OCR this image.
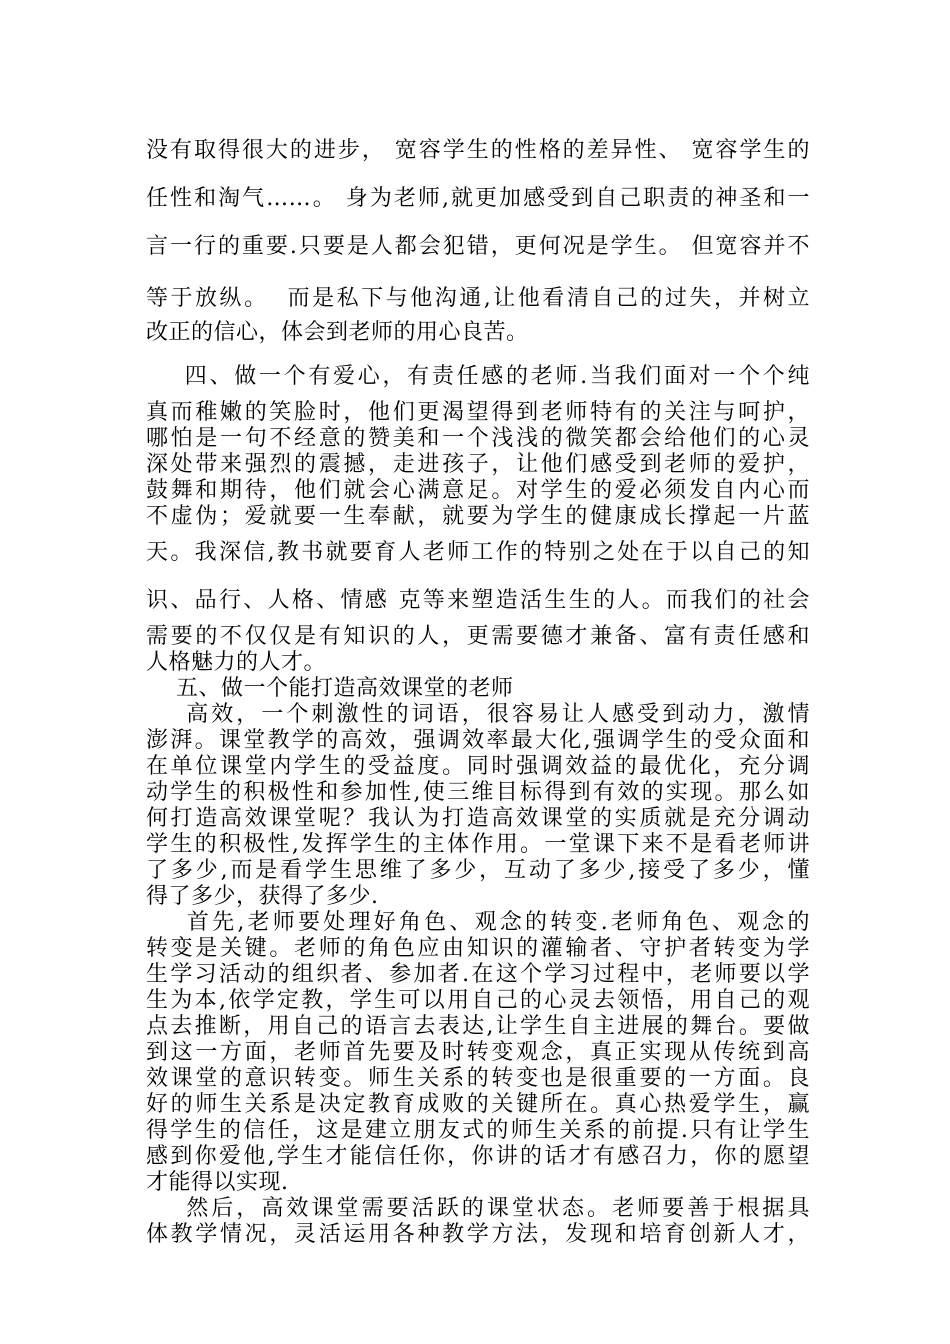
没有取得很大的进步， 宽容学生的性格的差异性、 宽容学生的

任性和淘气……。 身为老师,就更加感受到自己职责的神圣和一

言一行的重要.只要是人都会犯错，更何况是学生。 但宽容并不

等于放纵。  而是私下与他沟通,让他看清自己的过失，并树立

改正的信心，体会到老师的用心良苦。

四、做一个有爱心，有责任感的老师.当我们面对一个个纯

真而稚嫩的笑脸时，他们更渴望得到老师特有的关注与呵护，

哪怕是一句不经意的赞美和一个浅浅的微笑都会给他们的心灵

深处带来强烈的震撼，走进孩子，让他们感受到老师的爱护，

鼓舞和期待，他们就会心满意足。对学生的爱必须发自内心而

不虚伪；爱就要一生奉献，就要为学生的健康成长撑起一片蓝

天。我深信,教书就要育人老师工作的特别之处在于以自己的知

识、品行、人格、情感 克等来塑造活生生的人。而我们的社会

需要的不仅仅是有知识的人，更需要德才兼备、富有责任感和

人格魅力的人才。

五、做一个能打造高效课堂的老师

高效，一个刺激性的词语，很容易让人感受到动力，激情

澎湃。课堂教学的高效，强调效率最大化,强调学生的受众面和

在单位课堂内学生的受益度。同时强调效益的最优化，充分调

动学生的积极性和参加性,使三维目标得到有效的实现。那么如

何打造高效课堂呢？我认为打造高效课堂的实质就是充分调动

学生的积极性,发挥学生的主体作用。一堂课下来不是看老师讲

了多少,而是看学生思维了多少，互动了多少,接受了多少，懂

得了多少，获得了多少.

首先,老师要处理好角色、观念的转变.老师角色、观念的

转变是关键。老师的角色应由知识的灌输者、守护者转变为学

生学习活动的组织者、参加者.在这个学习过程中，老师要以学

生为本,依学定教，学生可以用自己的心灵去领悟，用自己的观

点去推断，用自己的语言去表达,让学生自主进展的舞台。要做

到这一方面，老师首先要及时转变观念，真正实现从传统到高

效课堂的意识转变。师生关系的转变也是很重要的一方面。良

好的师生关系是决定教育成败的关键所在。真心热爱学生，赢

得学生的信任，这是建立朋友式的师生关系的前提.只有让学生

感到你爱他,学生才能信任你，你讲的话才有感召力，你的愿望

才能得以实现.

然后，高效课堂需要活跃的课堂状态。老师要善于根据具

体教学情况，灵活运用各种教学方法，发现和培育创新人才，
